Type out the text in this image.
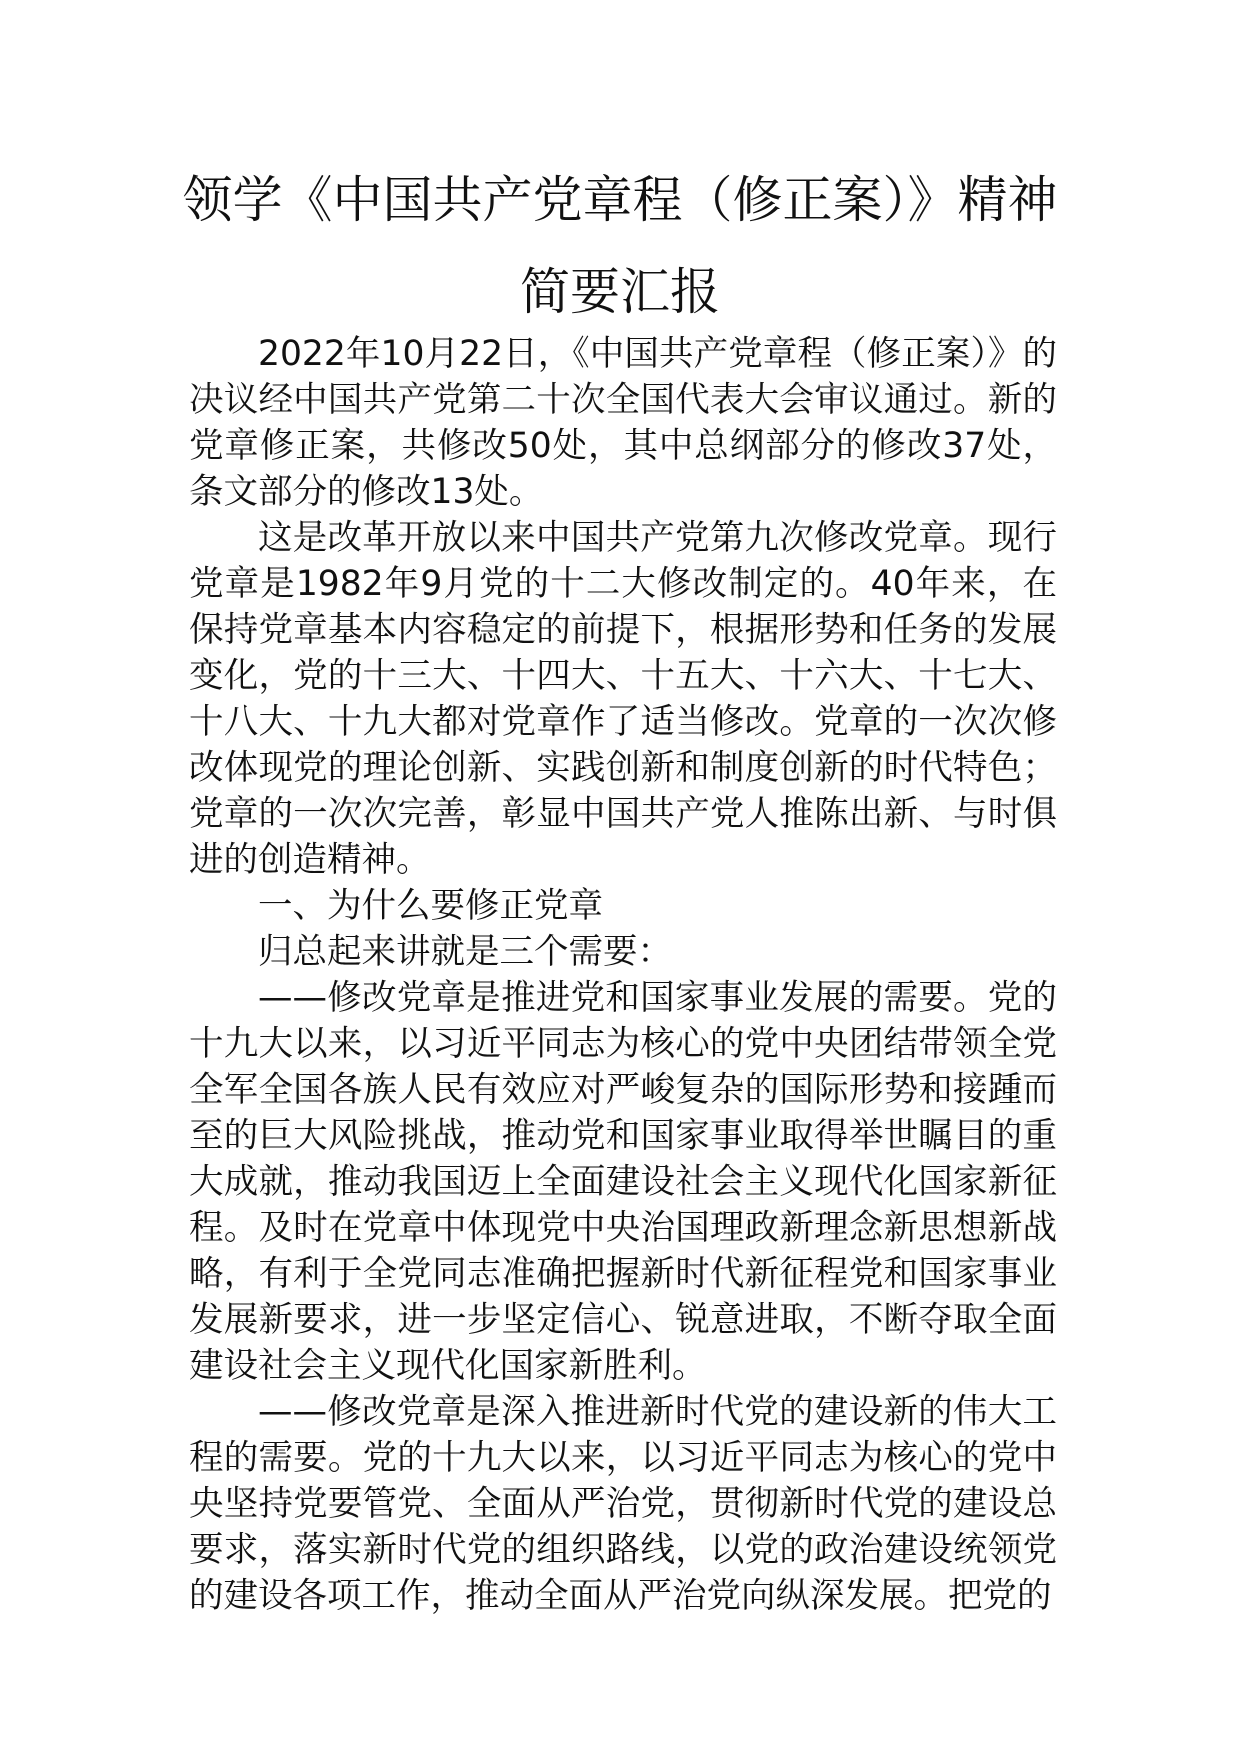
领学《中国共产党章程（修正案）》精神
简要汇报

2022年10月22日，《中国共产党章程（修正案）》的决议经中国共产党第二十次全国代表大会审议通过。新的党章修正案，共修改50处，其中总纲部分的修改37处，条文部分的修改13处。

这是改革开放以来中国共产党第九次修改党章。现行党章是1982年9月党的十二大修改制定的。40年来，在保持党章基本内容稳定的前提下，根据形势和任务的发展变化，党的十三大、十四大、十五大、十六大、十七大、十八大、十九大都对党章作了适当修改。党章的一次次修改体现党的理论创新、实践创新和制度创新的时代特色；党章的一次次完善，彰显中国共产党人推陈出新、与时俱进的创造精神。

一、为什么要修正党章

归总起来讲就是三个需要：

——修改党章是推进党和国家事业发展的需要。党的十九大以来，以习近平同志为核心的党中央团结带领全党全军全国各族人民有效应对严峻复杂的国际形势和接踵而至的巨大风险挑战，推动党和国家事业取得举世瞩目的重大成就，推动我国迈上全面建设社会主义现代化国家新征程。及时在党章中体现党中央治国理政新理念新思想新战略，有利于全党同志准确把握新时代新征程党和国家事业发展新要求，进一步坚定信心、锐意进取，不断夺取全面建设社会主义现代化国家新胜利。

——修改党章是深入推进新时代党的建设新的伟大工程的需要。党的十九大以来，以习近平同志为核心的党中央坚持党要管党、全面从严治党，贯彻新时代党的建设总要求，落实新时代党的组织路线，以党的政治建设统领党的建设各项工作，推动全面从严治党向纵深发展。把党的
